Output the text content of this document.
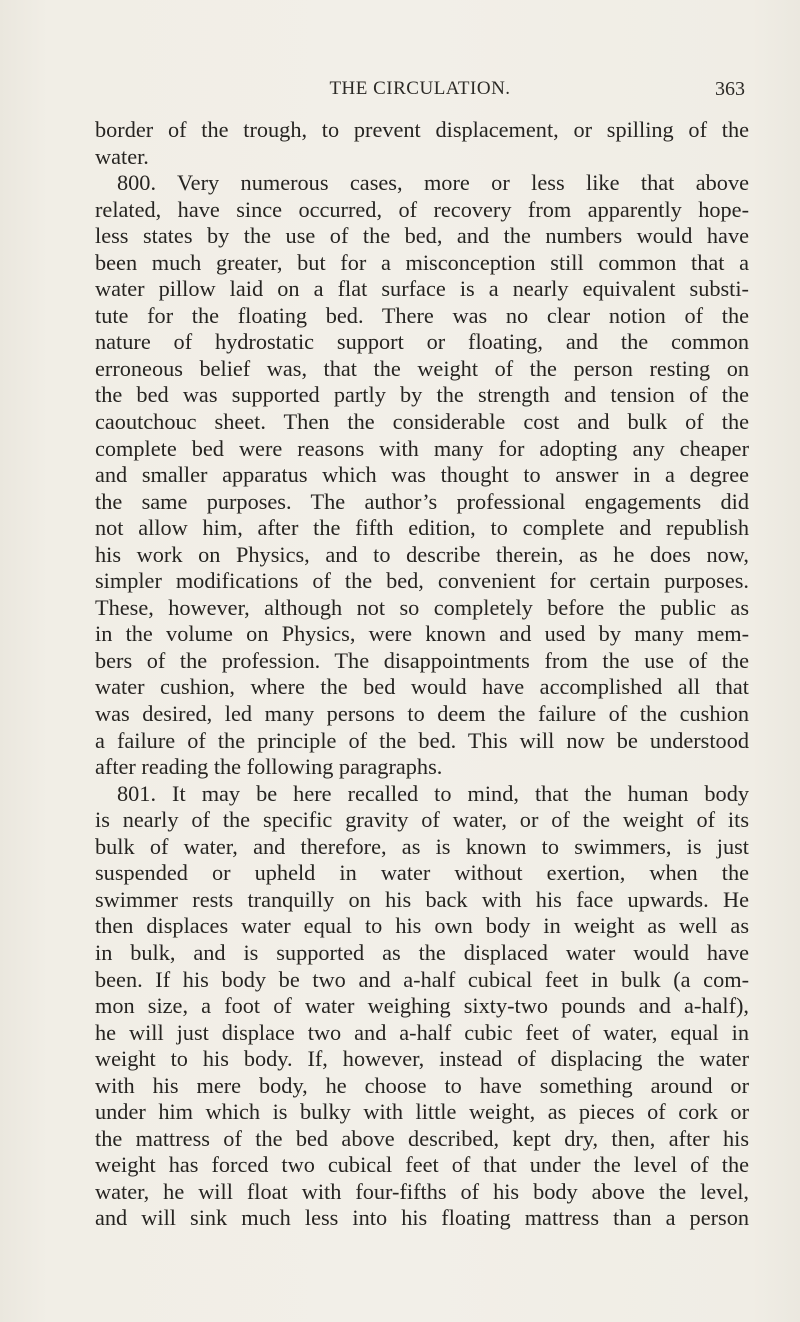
THE CIRCULATION.	363
border of the trough, to prevent displacement, or spilling of the
water.
800. Very numerous cases, more or less like that above
related, have since occurred, of recovery from apparently hope-
less states by the use of the bed, and the numbers would have
been much greater, but for a misconception still common that a
water pillow laid on a flat surface is a nearly equivalent substi-
tute for the floating bed. There was no clear notion of the
nature of hydrostatic support or floating, and the common
erroneous belief was, that the weight of the person resting on
the bed was supported partly by the strength and tension of the
caoutchouc sheet. Then the considerable cost and bulk of the
complete bed were reasons with many for adopting any cheaper
and smaller apparatus which was thought to answer in a degree
the same purposes. The author’s professional engagements did
not allow him, after the fifth edition, to complete and republish
his work on Physics, and to describe therein, as he does now,
simpler modifications of the bed, convenient for certain purposes.
These, however, although not so completely before the public as
in the volume on Physics, were known and used by many mem-
bers of the profession. The disappointments from the use of the
water cushion, where the bed would have accomplished all that
was desired, led many persons to deem the failure of the cushion
a failure of the principle of the bed. This will now be understood
after reading the following paragraphs.
801. It may be here recalled to mind, that the human body
is nearly of the specific gravity of water, or of the weight of its
bulk of water, and therefore, as is known to swimmers, is just
suspended or upheld in water without exertion, when the
swimmer rests tranquilly on his back with his face upwards. He
then displaces water equal to his own body in weight as well as
in bulk, and is supported as the displaced water would have
been. If his body be two and a-half cubical feet in bulk (a com-
mon size, a foot of water weighing sixty-two pounds and a-half),
he will just displace two and a-half cubic feet of water, equal in
weight to his body. If, however, instead of displacing the water
with his mere body, he choose to have something around or
under him which is bulky with little weight, as pieces of cork or
the mattress of the bed above described, kept dry, then, after his
weight has forced two cubical feet of that under the level of the
water, he will float with four-fifths of his body above the level,
and will sink much less into his floating mattress than a person
